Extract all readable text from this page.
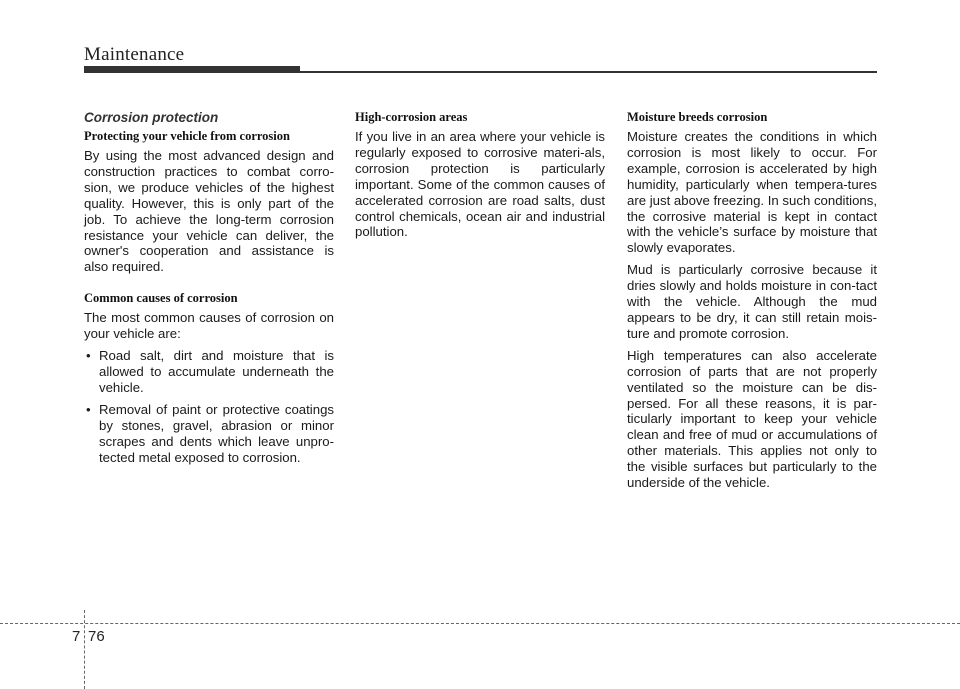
Maintenance

Corrosion protection

Protecting your vehicle from corrosion

By using the most advanced design and construction practices to combat corro-sion, we produce vehicles of the highest quality. However, this is only part of the job. To achieve the long-term corrosion resistance your vehicle can deliver, the owner's cooperation and assistance is also required.

Common causes of corrosion

The most common causes of corrosion on your vehicle are:

• Road salt, dirt and moisture that is allowed to accumulate underneath the vehicle.
• Removal of paint or protective coatings by stones, gravel, abrasion or minor scrapes and dents which leave unpro-tected metal exposed to corrosion.

High-corrosion areas

If you live in an area where your vehicle is regularly exposed to corrosive materi-als, corrosion protection is particularly important. Some of the common causes of accelerated corrosion are road salts, dust control chemicals, ocean air and industrial pollution.

Moisture breeds corrosion

Moisture creates the conditions in which corrosion is most likely to occur. For example, corrosion is accelerated by high humidity, particularly when tempera-tures are just above freezing. In such conditions, the corrosive material is kept in contact with the vehicle’s surface by moisture that slowly evaporates.

Mud is particularly corrosive because it dries slowly and holds moisture in con-tact with the vehicle. Although the mud appears to be dry, it can still retain mois-ture and promote corrosion.

High temperatures can also accelerate corrosion of parts that are not properly ventilated so the moisture can be dis-persed. For all these reasons, it is par-ticularly important to keep your vehicle clean and free of mud or accumulations of other materials. This applies not only to the visible surfaces but particularly to the underside of the vehicle.

7 76
